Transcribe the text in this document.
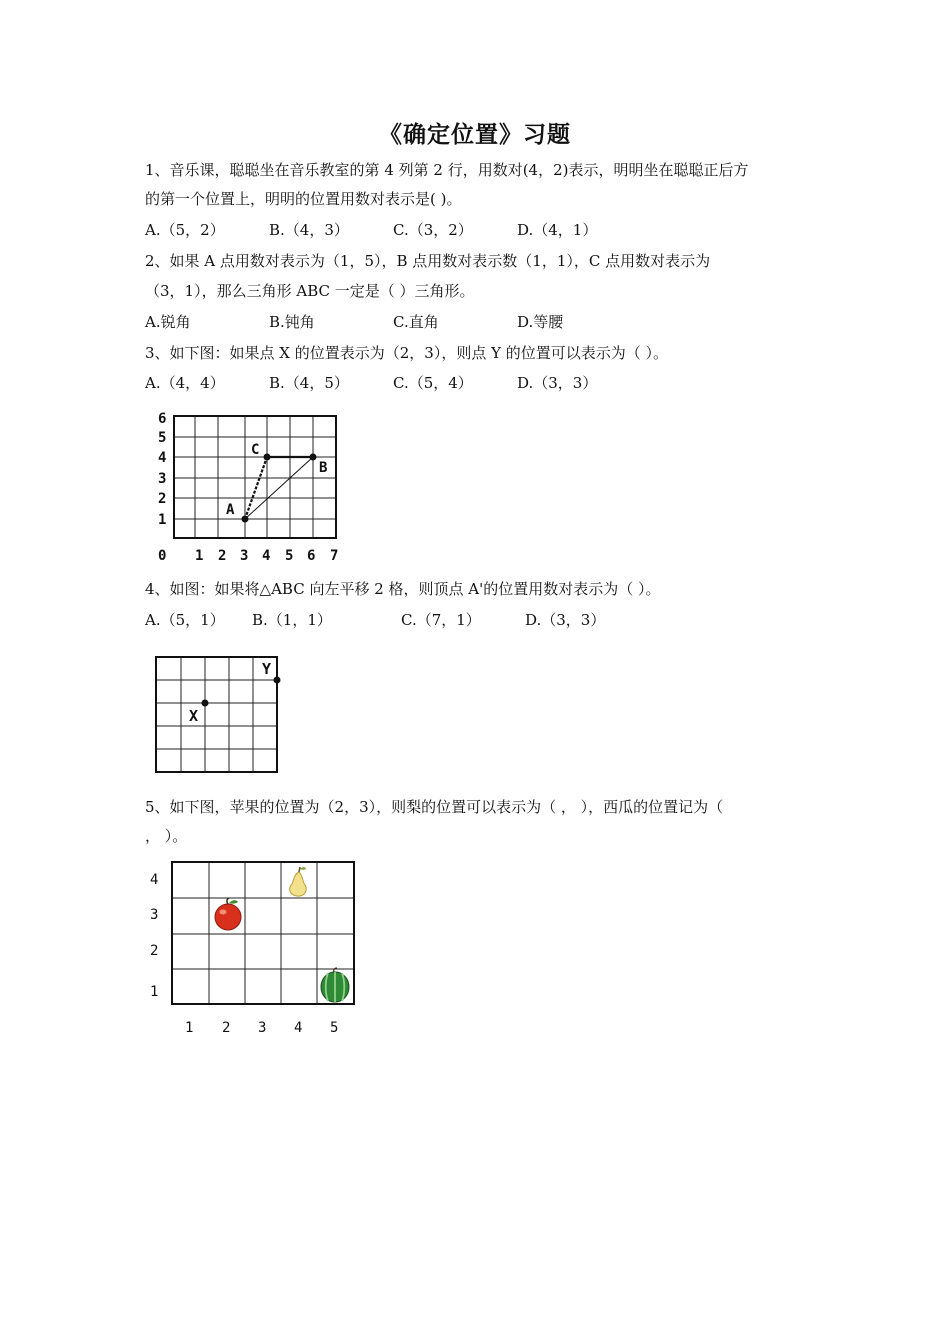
《确定位置》习题
1、音乐课，聪聪坐在音乐教室的第 4 列第 2 行，用数对(4，2)表示，明明坐在聪聪正后方
的第一个位置上，明明的位置用数对表示是( )。
A.（5，2）	B.（4，3）	C.（3，2）	D.（4，1）
2、如果 A 点用数对表示为（1，5），B 点用数对表示数（1，1），C 点用数对表示为
（3，1），那么三角形 ABC 一定是（ ）三角形。
A.锐角	B.钝角	C.直角	D.等腰
3、如下图：如果点 X 的位置表示为（2，3），则点 Y 的位置可以表示为（ ）。
A.（4，4）	B.（4，5）	C.（5，4）	D.（3，3）
6
5
4
3
2
1
0 1 2 3 4 5 6 7
A
B
C
4、如图：如果将△ABC 向左平移 2 格，则顶点 A'的位置用数对表示为（ ）。
A.（5，1） B.（1，1）	C.（7，1）	D.（3，3）
X
Y
5、如下图，苹果的位置为（2，3），则梨的位置可以表示为（ ， ），西瓜的位置记为（
， ）。
4
3
2
1
1 2 3 4 5
